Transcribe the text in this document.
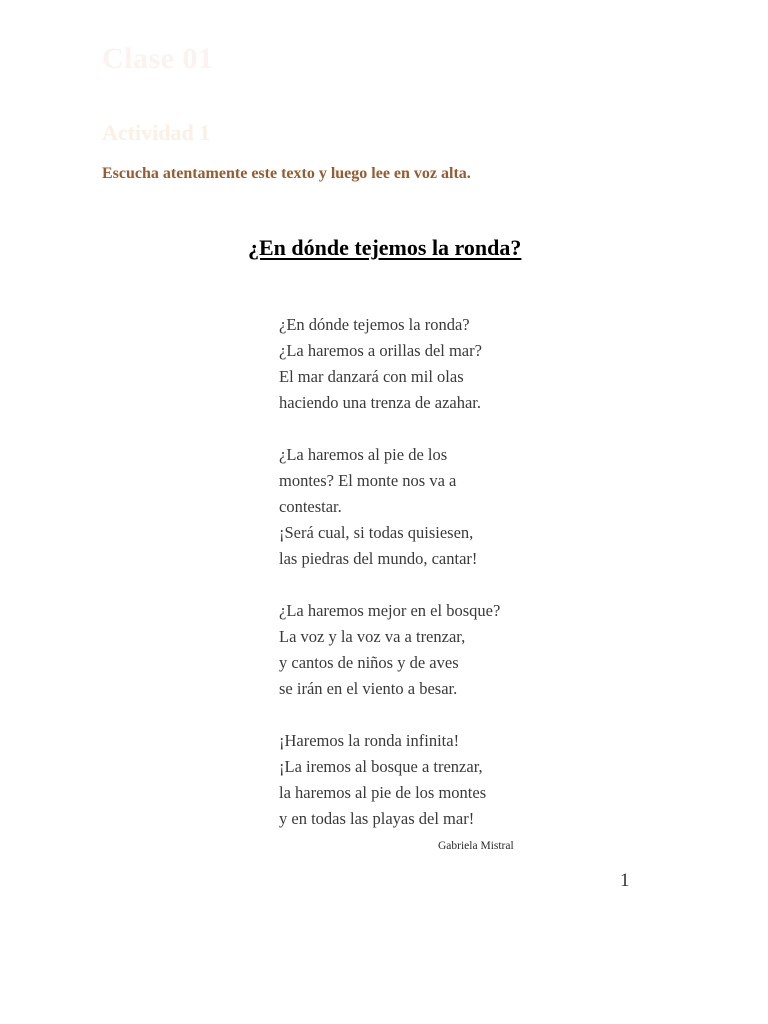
Clase 01
Actividad 1
Escucha atentamente este texto y luego lee en voz alta.
¿En dónde tejemos la ronda?
¿En dónde tejemos la ronda?
¿La haremos a orillas del mar?
El mar danzará con mil olas
haciendo una trenza de azahar.
¿La haremos al pie de los
montes? El monte nos va a
contestar.
¡Será cual, si todas quisiesen,
las piedras del mundo, cantar!
¿La haremos mejor en el bosque?
La voz y la voz va a trenzar,
y cantos de niños y de aves
se irán en el viento a besar.
¡Haremos la ronda infinita!
¡La iremos al bosque a trenzar,
la haremos al pie de los montes
y en todas las playas del mar!
Gabriela Mistral
1
